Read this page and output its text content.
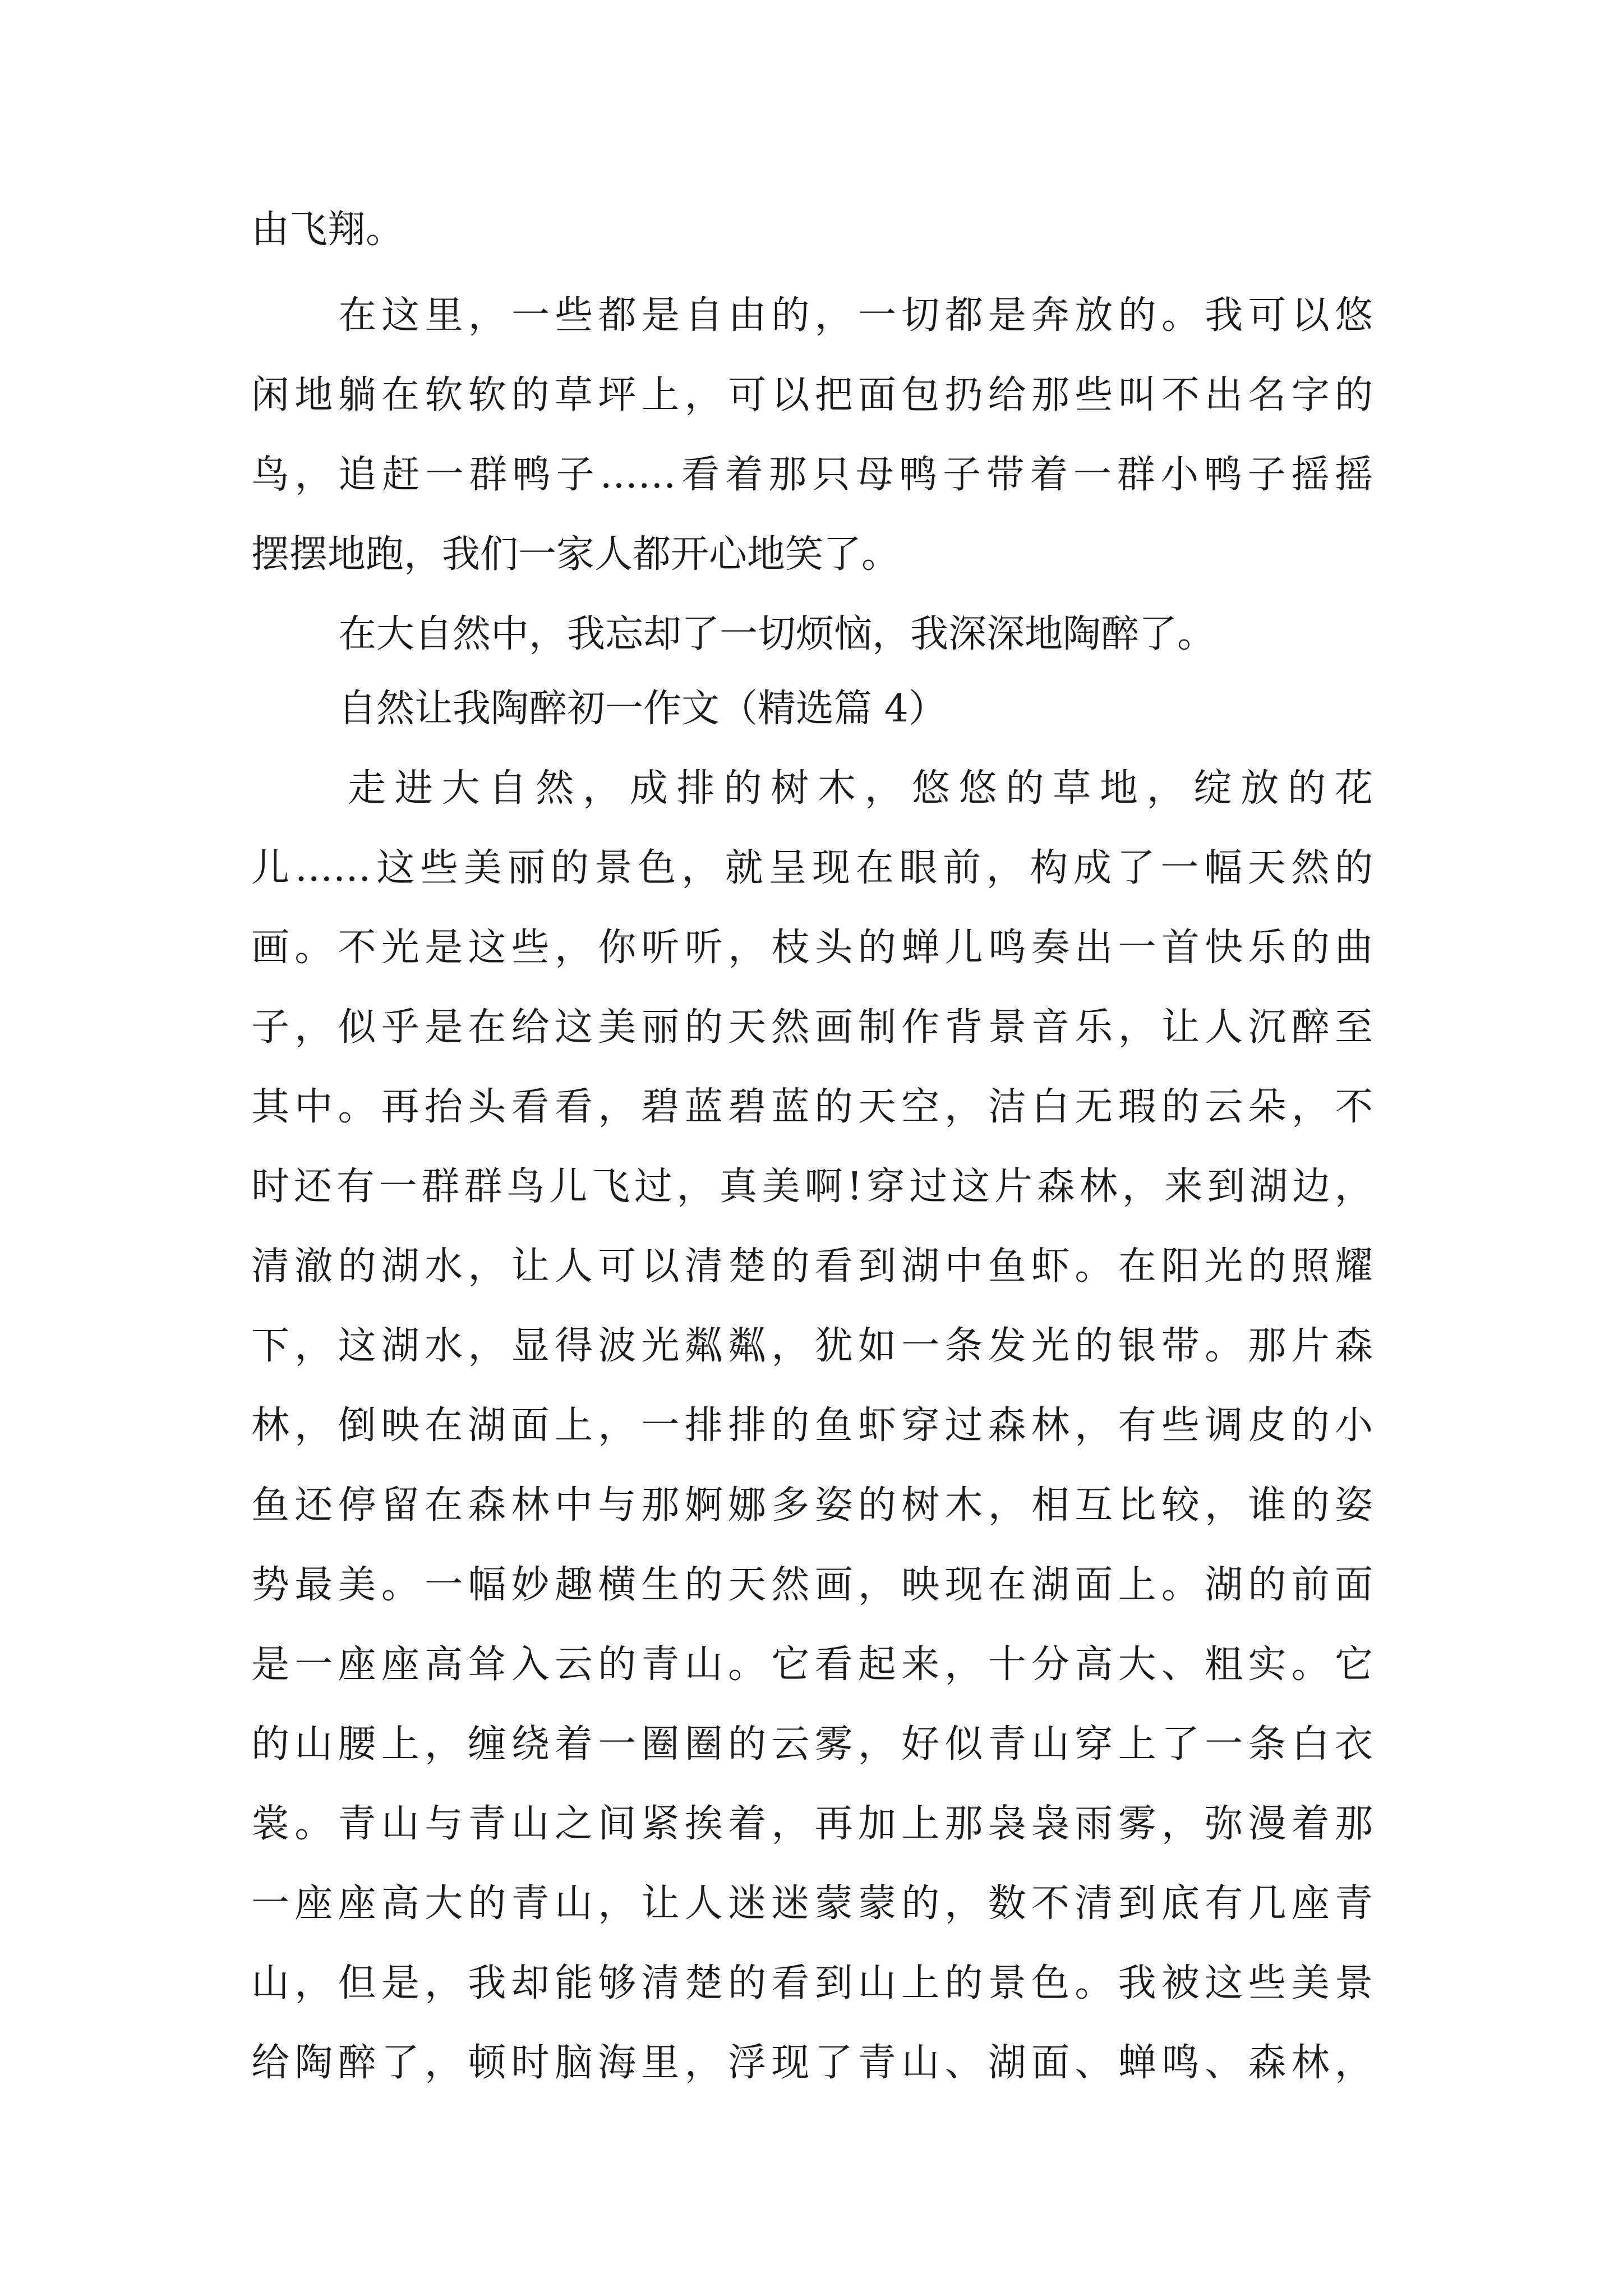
由飞翔。
在这里，一些都是自由的，一切都是奔放的。我可以悠
闲地躺在软软的草坪上，可以把面包扔给那些叫不出名字的
鸟，追赶一群鸭子……看着那只母鸭子带着一群小鸭子摇摇
摆摆地跑，我们一家人都开心地笑了。
在大自然中，我忘却了一切烦恼，我深深地陶醉了。
自然让我陶醉初一作文（精选篇 4）
走进大自然，成排的树木，悠悠的草地，绽放的花
儿……这些美丽的景色，就呈现在眼前，构成了一幅天然的
画。不光是这些，你听听，枝头的蝉儿鸣奏出一首快乐的曲
子，似乎是在给这美丽的天然画制作背景音乐，让人沉醉至
其中。再抬头看看，碧蓝碧蓝的天空，洁白无瑕的云朵，不
时还有一群群鸟儿飞过，真美啊!穿过这片森林，来到湖边，
清澈的湖水，让人可以清楚的看到湖中鱼虾。在阳光的照耀
下，这湖水，显得波光粼粼，犹如一条发光的银带。那片森
林，倒映在湖面上，一排排的鱼虾穿过森林，有些调皮的小
鱼还停留在森林中与那婀娜多姿的树木，相互比较，谁的姿
势最美。一幅妙趣横生的天然画，映现在湖面上。湖的前面
是一座座高耸入云的青山。它看起来，十分高大、粗实。它
的山腰上，缠绕着一圈圈的云雾，好似青山穿上了一条白衣
裳。青山与青山之间紧挨着，再加上那袅袅雨雾，弥漫着那
一座座高大的青山，让人迷迷蒙蒙的，数不清到底有几座青
山，但是，我却能够清楚的看到山上的景色。我被这些美景
给陶醉了，顿时脑海里，浮现了青山、湖面、蝉鸣、森林，
